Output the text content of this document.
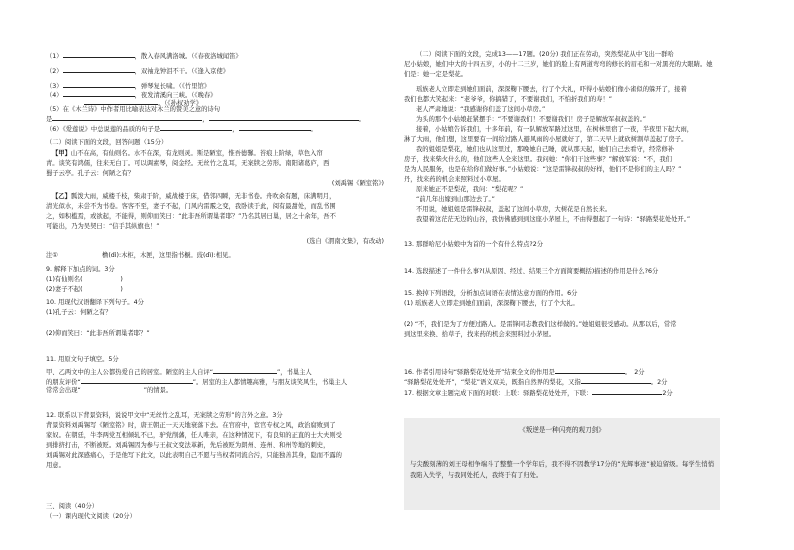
（1）	，散入春风满洛城。（《春夜洛城闻笛》
（2）	，双袖龙钟泪不干。（《逢入京使》
（3）	，弹琴复长啸。（《竹里馆》
（4）	，夜发清溪向三峡。（《晚春》
。（《孙权劝学》
（5）在《木兰诗》中作者用比喻表达对木兰的赞美之意的诗句
是	，	。
（6）《爱莲说》中总说莲的品质的句子是	，	。
（二）阅读下面的文段，回答问题（15分）
【甲】山不在高，有仙则名。水不在深，有龙则灵。斯是陋室，惟吾德馨。苔痕上阶绿，草色入帘
青。谈笑有鸿儒，往来无白丁。可以调素琴，阅金经。无丝竹之乱耳，无案牍之劳形。南阳诸葛庐，西
蜀子云亭。孔子云：何陋之有？
(刘禹锡《陋室铭》)
【乙】瓢泼大雨，威楼千枝，柴肃于阶，威战楼于床，借邻四瞬，无非书卷。舟吹余有题，床满明月，
清光似水，未尝不为书卷。客客不至，妻子不起，门风内雷霰之变，我卧读于此，阅有最甜处，而乱书围
之，如积槛焉，或欲起，不能得，则仰而笑曰：“此非吾所谓巢者耶？”乃名其居曰巢，居之十余年，吾不
可能出，乃为吴契曰：“信手其纵旗也！”
(选自《渭南文集》，有改动)
注①　　　　　　　橹(dì):木柜，木匣，这里指书橱。豉(dì):相见。
9. 解释下加点的词。3分
(1)有仙则名(　　　　　　)
(2)妻子不起(　　　　　　)
10. 用现代汉语翻译下列句子。4分
(1)孔子云：何陋之有？
(2)仰而笑曰：“此非吾所谓巢者耶？”
11. 用原文句子填空。5分
甲、乙两文中的主人公都热爱自己的居室。陋室的主人自评“	”，书巢主人
的朋友评价“	”。居室的主人都情趣高雅，与朋友谈笑风生，书巢主人
常常会出现“　　　　　　　　　　”的情景。
12. 联系以下背景资料，说说甲文中“无丝竹之乱耳，无案牍之劳形”的言外之意。3分
背景资料刘禹锡写《陋室铭》时，唐王朝正一天天地衰落下去。在官府中，宦官专权之风，政治腐败到了
家奴。在朝廷，牛李两党互相倾轧不已，驴党削藩，任人唯亲，在这种情况下，有良知的正直的士大夫则受
到排挤打击，不断被贬。刘禹锡因为参与王叔文变法革新，先后被贬为朗州、连州、和州等地的刺史，
刘禹锡对此深感痛心，于是他写下此文，以此表明自己不愿与当权者同流合污，只能独善其身，隐而不露的
用意。
三、阅读（40分）
（一）课内现代文阅读（20分）
（二）阅读下面的文段，完成13——17题。(20分) 我们正在劳动，突然梨花从中飞出一群哈
尼小姑娘，她们中大的十四五岁，小的十二三岁，她们的脸上有两道弯弯的修长的眉毛和一对黑亮的大眼睛。她
们是：她一定是梨花。
瑶族老人立即走到她们面前，深深鞠下腰去，行了个大礼，吓得小姑娘们像小雀似的躲开了，接着
我们也都大笑起来：“老爷爷，你搞错了，不要谢我们，不怕折我们的寿！”
老人严肃地说：“我感谢你们盖了这间小草房。”
为头的那个小姑娘赶紧摆手：“不要谢我们！不要谢我们！房子是解放军叔叔盖的。”
接着，小姑娘告诉我们，十多年前，有一队解放军路过这里，在树林里宿了一夜，半夜里下起大雨，
淋了大雨，他们想，这里要有一间给过路人避风雨的小屋就好了，第二天早上就砍树割草盖起了房子。
我的姐姐是梨花，她们也从这里过，那晚她自己睡，就从那天起，她们自己去看守，经常修补
房子，找来柴火什么的，他们这些人全来这里。我问她：“你们干这些事？”解放军说：“不，我们
是为人民服务，也是在给你们做好事。”小姑娘说：“这是雷锋叔叔的好样，他们不是你们的主人吗？”
丹，找来药的机会来照料过小草屋。
原来她正不是梨花，我问：“梨花呢？”
“前几年出嫁到山那边去了。”
不用说，她姐姐是雷锋叔叔，盖起了这间小草房，大树花是自然长来。
我望着这茫茫无边的山谷，我仿佛感到到这座小茅屋上，不由得想起了一句诗：“驿路梨花处处开。”
13. 那群哈尼小姑娘中为首的一个有什么特点?2分
14. 选段描述了一件什么事?(从原因、经过、结果三个方面简要概括)描述的作用是什么?6分
15. 换掉下列语段，分析加点词语在表情达意方面的作用。6分
(1) 瑶族老人立即走到她们面前，深深鞠下腰去，行了个大礼。
(2) “不，我们是为了方便过路人。是雷锋同志教我们这样做的。”她姐姐很受感动。从那以后，常常
到这里来换、拾草子，找来药的机会来照料过小茅屋。
16. 作者引用诗句“驿路梨花处处开”结束全文的作用是	。　2分
“驿路梨花处处开”，“梨花”语义双关，既指自然界的梨花，又指	。2分
17. 根据文章主题完成下面的对联：上联：驿路梨花处处开，下联：	2分
《叛逆是一种闪亮的观刀剑》
与尖酸刻薄的刘王母相争端斗了整整一个学年后，我不得不因教学17分的“光辉事迹”被迫留级。每学生悄悄我陷入失学，与我同处托人，我终于有了归处。
